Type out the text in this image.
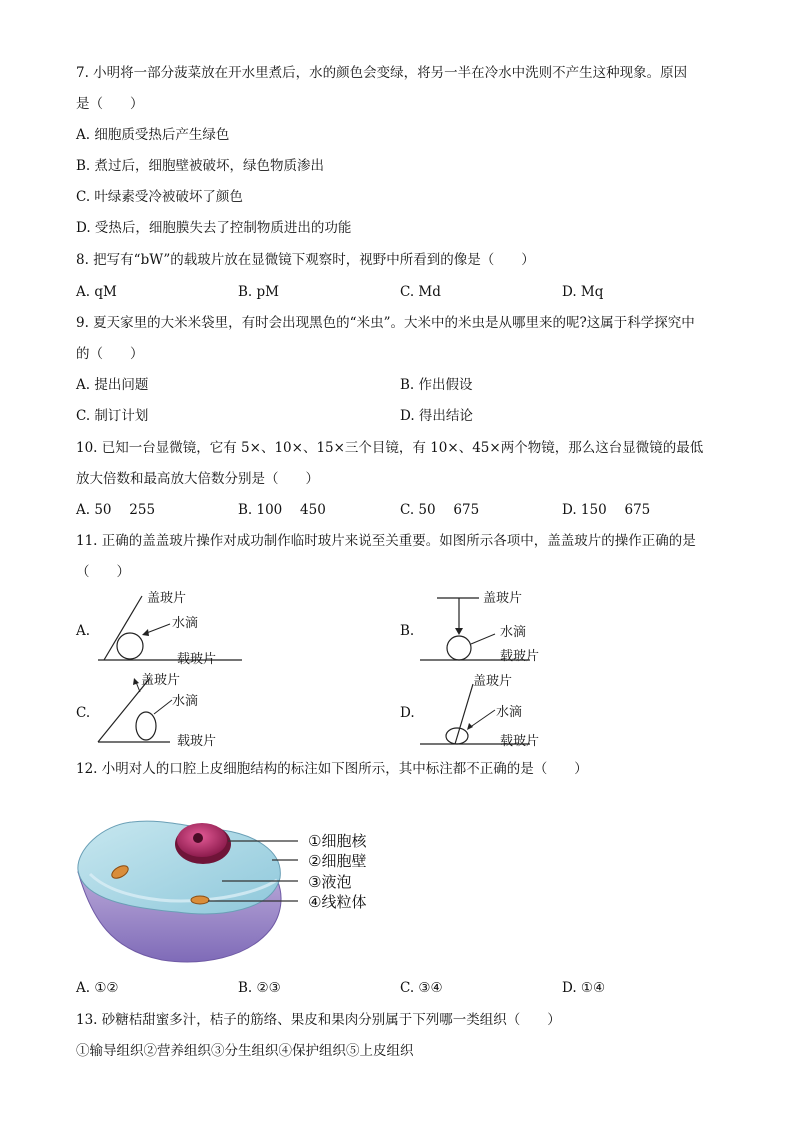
7. 小明将一部分菠菜放在开水里煮后，水的颜色会变绿，将另一半在冷水中洗则不产生这种现象。原因
是（　　）
A. 细胞质受热后产生绿色
B. 煮过后，细胞壁被破坏，绿色物质渗出
C. 叶绿素受冷被破坏了颜色
D. 受热后，细胞膜失去了控制物质进出的功能
8. 把写有“bW”的载玻片放在显微镜下观察时，视野中所看到的像是（　　）
A. qM	B. pM	C. Md	D. Mq
9. 夏天家里的大米米袋里，有时会出现黑色的“米虫”。大米中的米虫是从哪里来的呢?这属于科学探究中
的（　　）
A. 提出问题	B. 作出假设
C. 制订计划	D. 得出结论
10. 已知一台显微镜，它有 5×、10×、15×三个目镜，有 10×、45×两个物镜，那么这台显微镜的最低
放大倍数和最高放大倍数分别是（　　）
A. 50　 255	B. 100　 450	C. 50　 675	D. 150　 675
11. 正确的盖盖玻片操作对成功制作临时玻片来说至关重要。如图所示各项中，盖盖玻片的操作正确的是
（　　）
A.
盖玻片
水滴
载玻片
B.
盖玻片
水滴
载玻片
C.
盖玻片
水滴
载玻片
D.
盖玻片
水滴
载玻片
12. 小明对人的口腔上皮细胞结构的标注如下图所示，其中标注都不正确的是（　　）
①细胞核
②细胞壁
③液泡
④线粒体
A. ①②	B. ②③	C. ③④	D. ①④
13. 砂糖桔甜蜜多汁，桔子的筋络、果皮和果肉分别属于下列哪一类组织（　　）
①输导组织②营养组织③分生组织④保护组织⑤上皮组织
